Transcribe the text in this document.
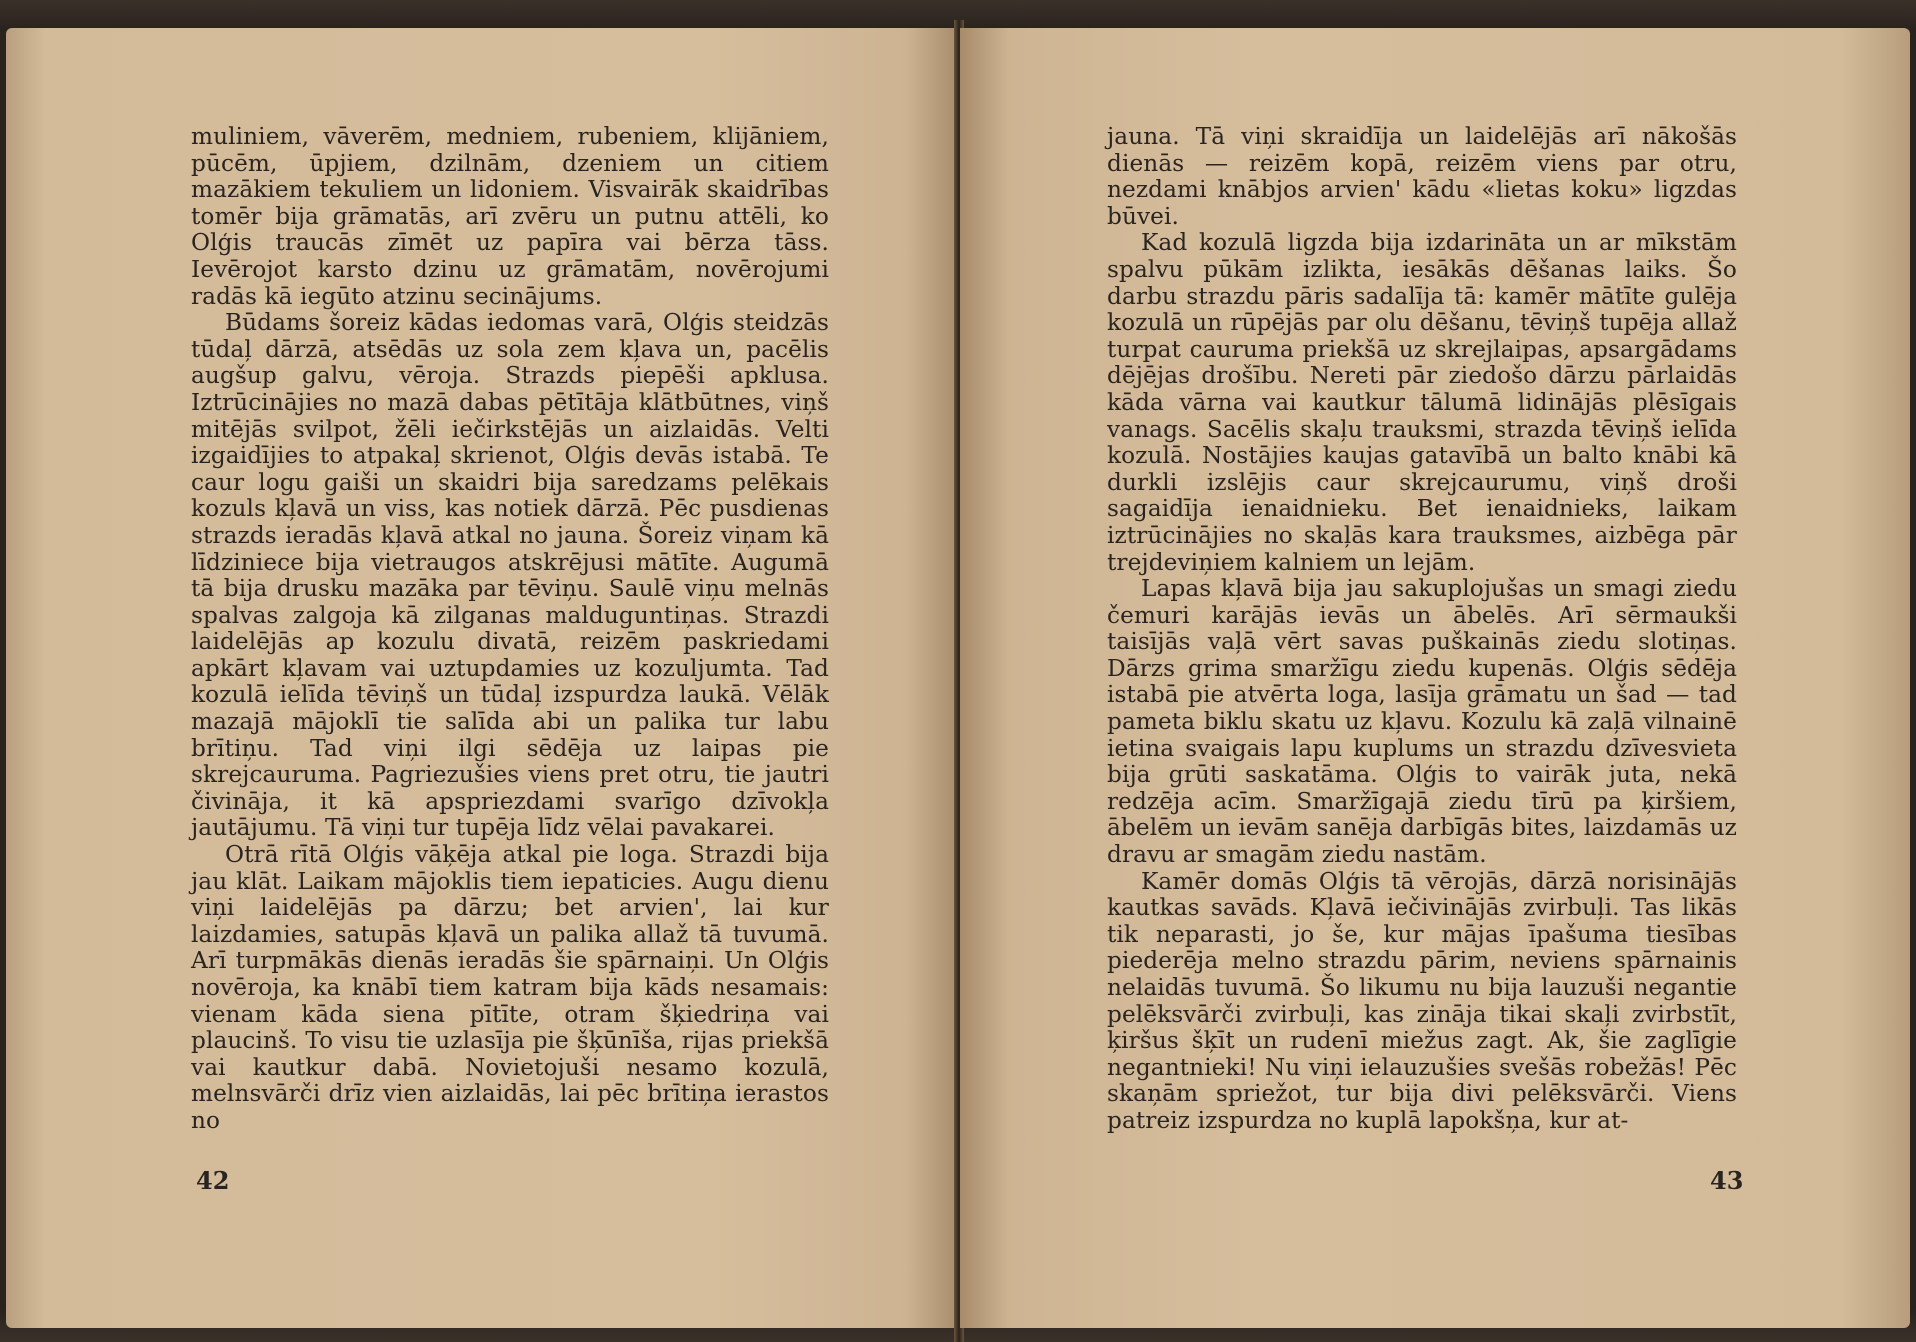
muliniem, vāverēm, medniem, rubeniem, klijāniem, pūcēm, ūpjiem, dzilnām, dzeniem un citiem mazākiem tekuliem un lidoniem. Visvairāk skaidrības tomēr bija grāmatās, arī zvēru un putnu attēli, ko Olģis traucās zīmēt uz papīra vai bērza tāss. Ievērojot karsto dzinu uz grāmatām, novērojumi radās kā iegūto atzinu secinājums.

Būdams šoreiz kādas iedomas varā, Olģis steidzās tūdaļ dārzā, atsēdās uz sola zem kļava un, pacēlis augšup galvu, vēroja. Strazds piepēši apklusa. Iztrūcinājies no mazā dabas pētītāja klātbūtnes, viņš mitējās svilpot, žēli iečirkstējās un aizlaidās. Velti izgaidījies to atpakaļ skrienot, Olģis devās istabā. Te caur logu gaiši un skaidri bija saredzams pelēkais kozuls kļavā un viss, kas notiek dārzā. Pēc pusdienas strazds ieradās kļavā atkal no jauna. Šoreiz viņam kā līdziniece bija vietraugos atskrējusi mātīte. Augumā tā bija drusku mazāka par tēviņu. Saulē viņu melnās spalvas zalgoja kā zilganas malduguntiņas. Strazdi laidelējās ap kozulu divatā, reizēm paskriedami apkārt kļavam vai uztupdamies uz kozuljumta. Tad kozulā ielīda tēviņš un tūdaļ izspurdza laukā. Vēlāk mazajā mājoklī tie salīda abi un palika tur labu brītiņu. Tad viņi ilgi sēdēja uz laipas pie skrejcauruma. Pagriezušies viens pret otru, tie jautri čivināja, it kā apspriezdami svarīgo dzīvokļa jautājumu. Tā viņi tur tupēja līdz vēlai pavakarei.

Otrā rītā Olģis vāķēja atkal pie loga. Strazdi bija jau klāt. Laikam mājoklis tiem iepaticies. Augu dienu viņi laidelējās pa dārzu; bet arvien', lai kur laizdamies, satupās kļavā un palika allaž tā tuvumā. Arī turpmākās dienās ieradās šie spārnaiņi. Un Olģis novēroja, ka knābī tiem katram bija kāds nesamais: vienam kāda siena pītīte, otram šķiedriņa vai plaucinš. To visu tie uzlasīja pie šķūnīša, rijas priekšā vai kautkur dabā. Novietojuši nesamo kozulā, melnsvārči drīz vien aizlaidās, lai pēc brītiņa ierastos no

42

jauna. Tā viņi skraidīja un laidelējās arī nākošās dienās — reizēm kopā, reizēm viens par otru, nezdami knābjos arvien' kādu «lietas koku» ligzdas būvei.

Kad kozulā ligzda bija izdarināta un ar mīkstām spalvu pūkām izlikta, iesākās dēšanas laiks. Šo darbu strazdu pāris sadalīja tā: kamēr mātīte gulēja kozulā un rūpējās par olu dēšanu, tēviņš tupēja allaž turpat cauruma priekšā uz skrejlaipas, apsargādams dējējas drošību. Nereti pār ziedošo dārzu pārlaidās kāda vārna vai kautkur tālumā lidinājās plēsīgais vanags. Sacēlis skaļu trauksmi, strazda tēviņš ielīda kozulā. Nostājies kaujas gatavībā un balto knābi kā durkli izslējis caur skrejcaurumu, viņš droši sagaidīja ienaidnieku. Bet ienaidnieks, laikam iztrūcinājies no skaļās kara trauksmes, aizbēga pār trejdeviņiem kalniem un lejām.

Lapas kļavā bija jau sakuplojušas un smagi ziedu čemuri karājās ievās un ābelēs. Arī sērmaukši taisījās vaļā vērt savas puškainās ziedu slotiņas. Dārzs grima smaržīgu ziedu kupenās. Olģis sēdēja istabā pie atvērta loga, lasīja grāmatu un šad — tad pameta biklu skatu uz kļavu. Kozulu kā zaļā vilnainē ietina svaigais lapu kuplums un strazdu dzīvesvieta bija grūti saskatāma. Olģis to vairāk juta, nekā redzēja acīm. Smaržīgajā ziedu tīrū pa ķiršiem, ābelēm un ievām sanēja darbīgās bites, laizdamās uz dravu ar smagām ziedu nastām.

Kamēr domās Olģis tā vērojās, dārzā norisinājās kautkas savāds. Kļavā iečivinājās zvirbuļi. Tas likās tik neparasti, jo še, kur mājas īpašuma tiesības piederēja melno strazdu pārim, neviens spārnainis nelaidās tuvumā. Šo likumu nu bija lauzuši negantie pelēksvārči zvirbuļi, kas zināja tikai skaļi zvirbstīt, ķiršus šķīt un rudenī miežus zagt. Ak, šie zaglīgie negantnieki! Nu viņi ielauzušies svešās robežās! Pēc skaņām spriežot, tur bija divi pelēksvārči. Viens patreiz izspurdza no kuplā lapokšņa, kur at-

43
